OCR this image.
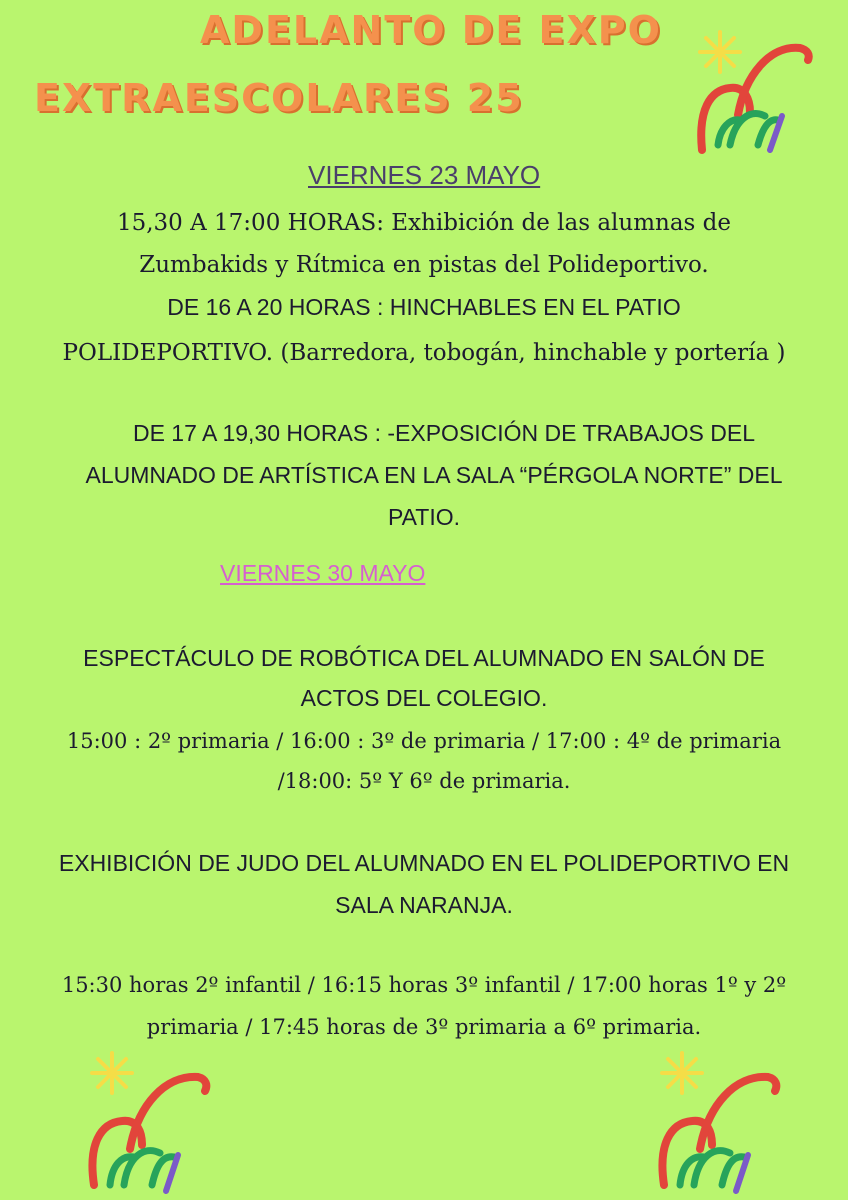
ADELANTO DE EXPO
EXTRAESCOLARES 25
VIERNES 23 MAYO
15,30 A 17:00 HORAS: Exhibición de las alumnas de
Zumbakids y Rítmica en pistas del Polideportivo.
DE 16 A 20 HORAS : HINCHABLES EN EL PATIO
POLIDEPORTIVO. (Barredora, tobogán, hinchable y portería )
DE 17 A 19,30 HORAS : -EXPOSICIÓN DE TRABAJOS DEL
ALUMNADO DE ARTÍSTICA EN LA SALA “PÉRGOLA NORTE” DEL
PATIO.
VIERNES 30 MAYO
ESPECTÁCULO DE ROBÓTICA DEL ALUMNADO EN SALÓN DE
ACTOS DEL COLEGIO.
15:00 : 2º primaria / 16:00 : 3º de primaria / 17:00 : 4º de primaria
/18:00: 5º Y 6º de primaria.
EXHIBICIÓN DE JUDO DEL ALUMNADO EN EL POLIDEPORTIVO EN
SALA NARANJA.
15:30 horas 2º infantil / 16:15 horas 3º infantil / 17:00 horas 1º y 2º
primaria / 17:45 horas de 3º primaria a 6º primaria.
